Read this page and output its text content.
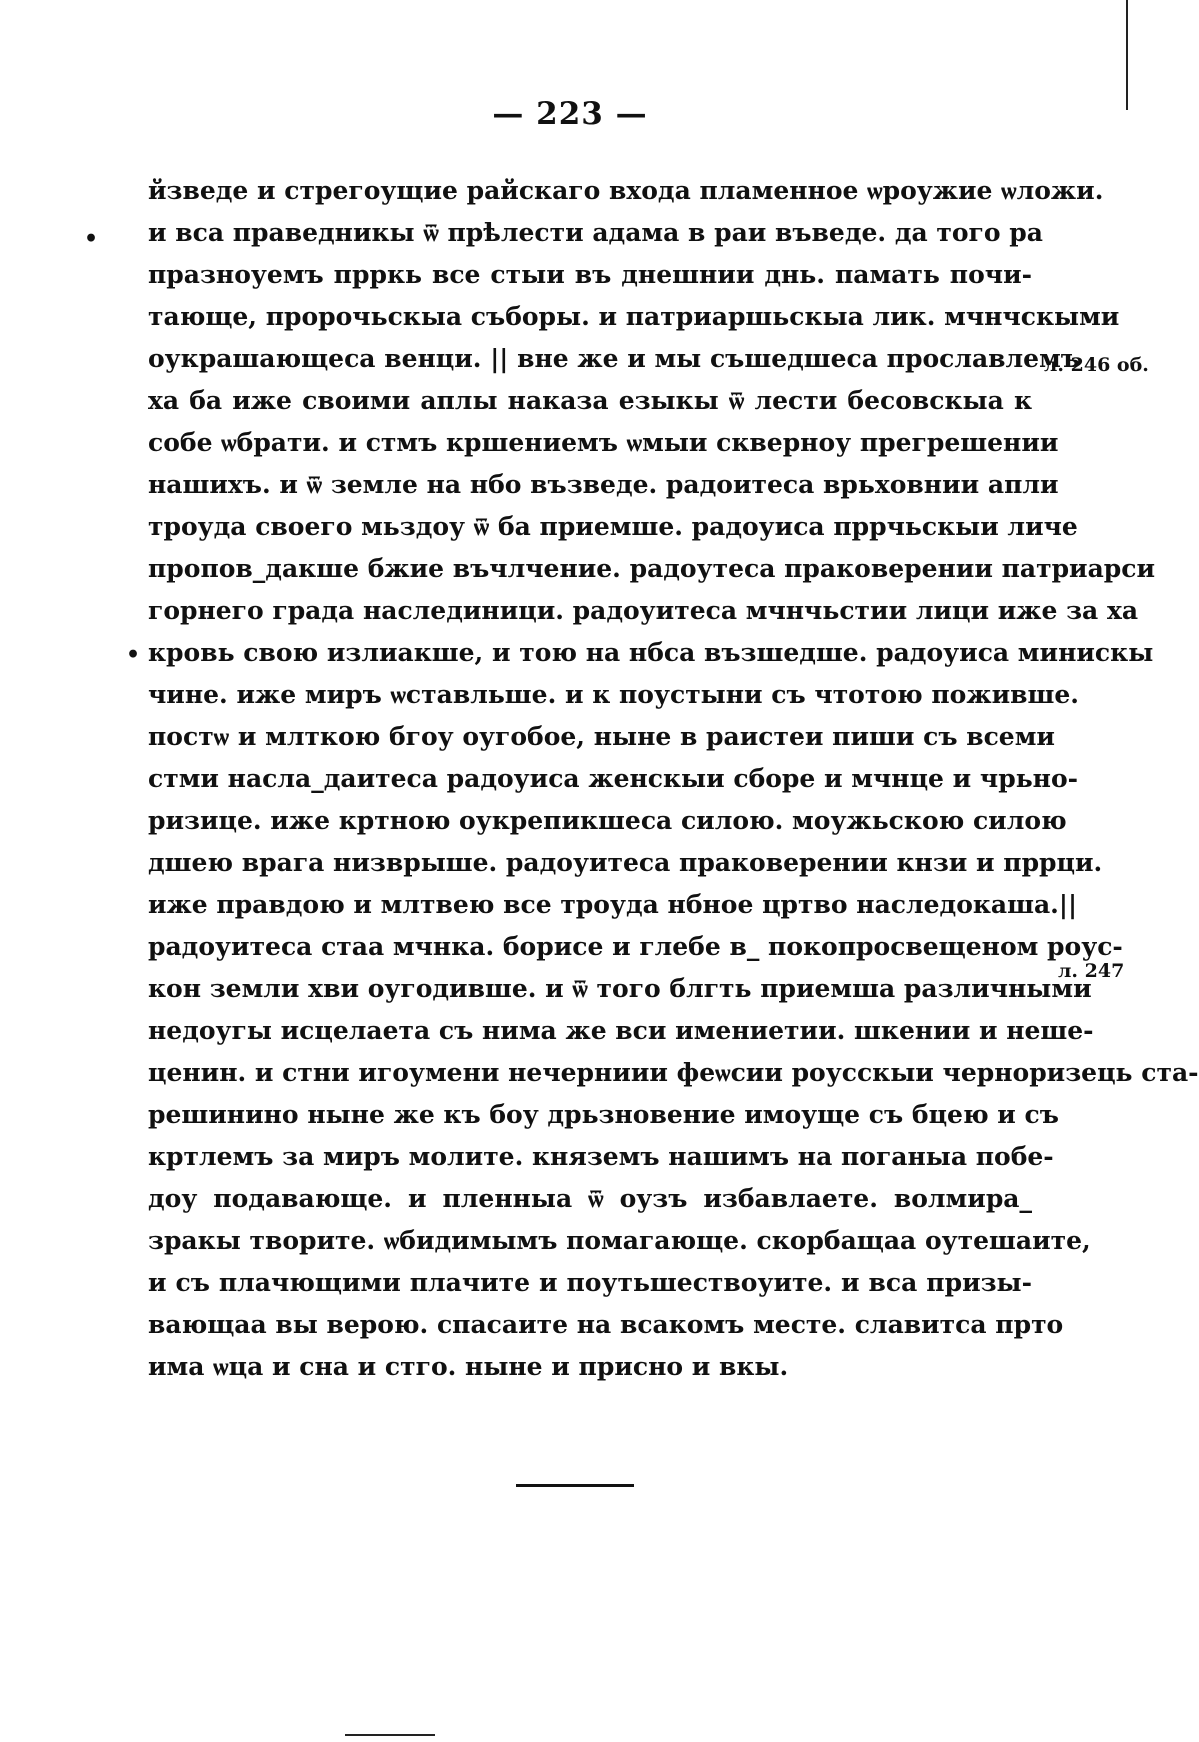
— 223 —
•
•
йзведе и стрегоущие райскаго входа пламенное ѡроужие ѡложи.
и вса праведникы ѿ прѣлести адама в раи въведе. да того ра
празноуемъ прркь все стыи въ днешнии днь. памать почи-
тающе, пророчьскыа съборы. и патриаршьскыа лик. мчнчскыми
оукрашающеса венци. || вне же и мы съшедшеса прославлемъ
ха ба иже своими аплы наказа езыкы ѿ лести бесовскыа к
собе ѡбрати. и стмъ кршениемъ ѡмыи скверноу прегрешении
нашихъ. и ѿ земле на нбо възведе. радоитеса врьховнии апли
троуда своего мьздоу ѿ ба приемше. радоуиса пррчьскыи личе
пропов_дакше бжие въчлчение. радоутеса праковерении патриарси
горнего града наслединици. радоуитеса мчнчьстии лици иже за ха
кровь свою излиакше, и тою на нбса възшедше. радоуиса минискы
чине. иже миръ ѡставльше. и к поустыни съ чтотою поживше.
постѡ и млткою бгоу оугобое, ныне в раистеи пиши съ всеми
стми насла_даитеса радоуиса женскыи сборе и мчнце и чрьно-
ризице. иже кртною оукрепикшеса силою. моужьскою силою
дшею врага низврыше. радоуитеса праковерении кнзи и пррци.
иже правдою и млтвею все троуда нбное цртво наследокаша.||
радоуитеса стаа мчнка. борисе и глебе в_ покопросвещеном роус-
кон земли хви оугодивше. и ѿ того блгть приемша различными
недоугы исцелаета съ нима же вси имениетии. шкении и неше-
ценин. и стни игоумени нечерниии феѡсии роусскыи черноризець ста-
решинино ныне же къ боу дрьзновение имоуще съ бцею и съ
кртлемъ за миръ молите. княземъ нашимъ на поганыа побе-
доу подавающе. и пленныа ѿ оузъ избавлаете. волмира_
зракы творите. ѡбидимымъ помагающе. скорбащаа оутешаите,
и съ плачющими плачите и поутьшествоуите. и вса призы-
вающаа вы верою. спасаите на всакомъ месте. славитса прто
има ѡца и сна и стго. ныне и присно и вкы.
л. 246 об.
л. 247
